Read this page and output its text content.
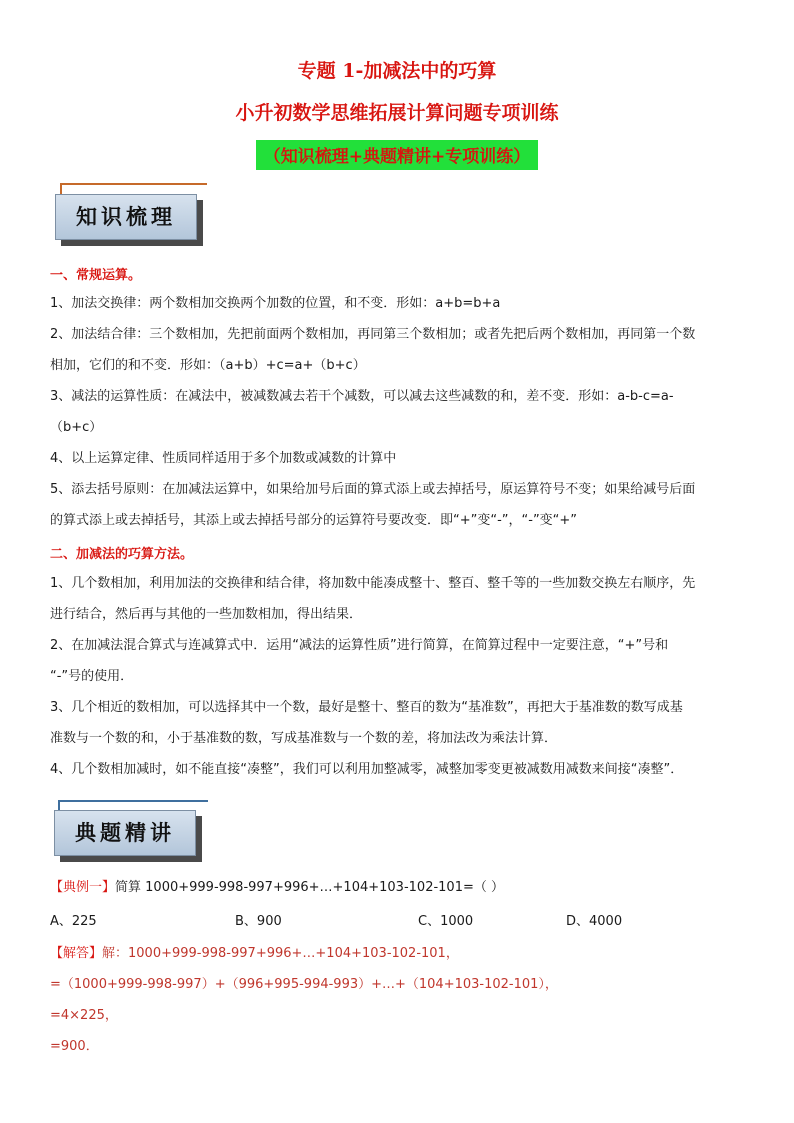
专题 1-加减法中的巧算
小升初数学思维拓展计算问题专项训练
（知识梳理+典题精讲+专项训练）
知识梳理
一、常规运算。
1、加法交换律：两个数相加交换两个加数的位置，和不变．形如：a+b=b+a
2、加法结合律：三个数相加，先把前面两个数相加，再同第三个数相加；或者先把后两个数相加，再同第一个数
相加，它们的和不变．形如：（a+b）+c=a+（b+c）
3、减法的运算性质：在减法中，被减数减去若干个减数，可以减去这些减数的和，差不变．形如：a-b-c=a-
（b+c）
4、以上运算定律、性质同样适用于多个加数或减数的计算中
5、添去括号原则：在加减法运算中，如果给加号后面的算式添上或去掉括号，原运算符号不变；如果给减号后面
的算式添上或去掉括号，其添上或去掉括号部分的运算符号要改变．即“+”变“-”，“-”变“+”
二、加减法的巧算方法。
1、几个数相加，利用加法的交换律和结合律，将加数中能凑成整十、整百、整千等的一些加数交换左右顺序，先
进行结合，然后再与其他的一些加数相加，得出结果．
2、在加减法混合算式与连减算式中．运用“减法的运算性质”进行简算，在简算过程中一定要注意，“+”号和
“-”号的使用．
3、几个相近的数相加，可以选择其中一个数，最好是整十、整百的数为“基准数”，再把大于基准数的数写成基
准数与一个数的和，小于基准数的数，写成基准数与一个数的差，将加法改为乘法计算．
4、几个数相加减时，如不能直接“凑整”，我们可以利用加整减零，减整加零变更被减数用减数来间接“凑整”．
典题精讲
【典例一】简算 1000+999-998-997+996+…+104+103-102-101=（ ）
A、225	B、900	C、1000	D、4000
【解答】解：1000+999-998-997+996+…+104+103-102-101，
=（1000+999-998-997）+（996+995-994-993）+…+（104+103-102-101），
=4×225，
=900．
